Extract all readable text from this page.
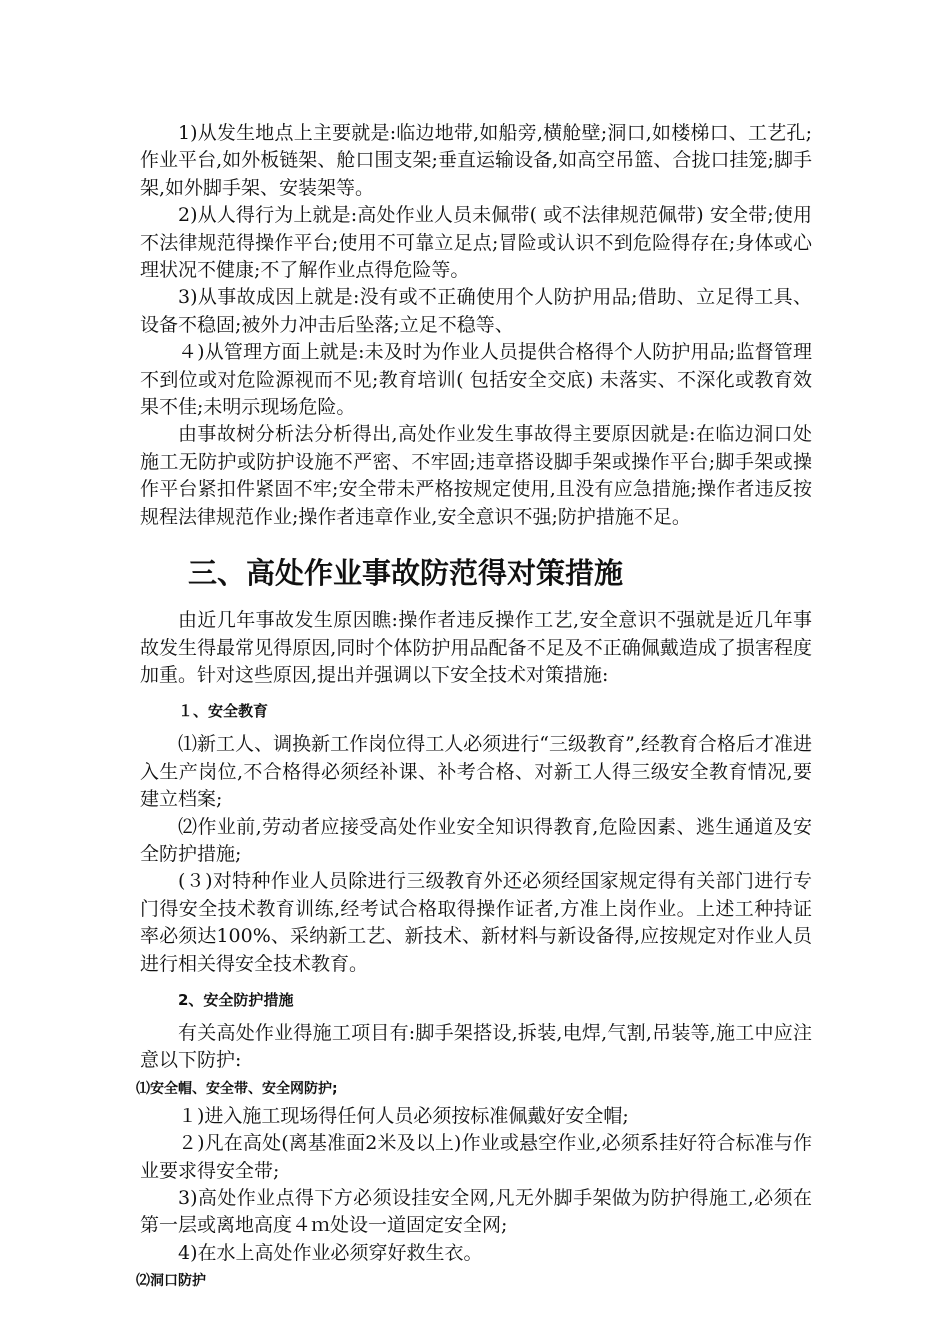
1)从发生地点上主要就是:临边地带,如船旁,横舱壁;洞口,如楼梯口、工艺孔;作业平台,如外板链架、舱口围支架;垂直运输设备,如高空吊篮、合拢口挂笼;脚手架,如外脚手架、安装架等。

2)从人得行为上就是:高处作业人员未佩带( 或不法律规范佩带) 安全带;使用不法律规范得操作平台;使用不可靠立足点;冒险或认识不到危险得存在;身体或心理状况不健康;不了解作业点得危险等。

3)从事故成因上就是:没有或不正确使用个人防护用品;借助、立足得工具、设备不稳固;被外力冲击后坠落;立足不稳等、

４)从管理方面上就是:未及时为作业人员提供合格得个人防护用品;监督管理不到位或对危险源视而不见;教育培训( 包括安全交底) 未落实、不深化或教育效果不佳;未明示现场危险。

由事故树分析法分析得出,高处作业发生事故得主要原因就是:在临边洞口处施工无防护或防护设施不严密、不牢固;违章搭设脚手架或操作平台;脚手架或操作平台紧扣件紧固不牢;安全带未严格按规定使用,且没有应急措施;操作者违反按规程法律规范作业;操作者违章作业,安全意识不强;防护措施不足。

三、高处作业事故防范得对策措施

由近几年事故发生原因瞧:操作者违反操作工艺,安全意识不强就是近几年事故发生得最常见得原因,同时个体防护用品配备不足及不正确佩戴造成了损害程度加重。针对这些原因,提出并强调以下安全技术对策措施:

１、安全教育

⑴新工人、调换新工作岗位得工人必须进行“三级教育”,经教育合格后才准进入生产岗位,不合格得必须经补课、补考合格、对新工人得三级安全教育情况,要建立档案;

⑵作业前,劳动者应接受高处作业安全知识得教育,危险因素、逃生通道及安全防护措施;

(３)对特种作业人员除进行三级教育外还必须经国家规定得有关部门进行专门得安全技术教育训练,经考试合格取得操作证者,方准上岗作业。上述工种持证率必须达100%、采纳新工艺、新技术、新材料与新设备得,应按规定对作业人员进行相关得安全技术教育。

2、安全防护措施

有关高处作业得施工项目有:脚手架搭设,拆装,电焊,气割,吊装等,施工中应注意以下防护:

⑴安全帽、安全带、安全网防护;

１)进入施工现场得任何人员必须按标准佩戴好安全帽;

２)凡在高处(离基准面2米及以上)作业或悬空作业,必须系挂好符合标准与作业要求得安全带;

3)高处作业点得下方必须设挂安全网,凡无外脚手架做为防护得施工,必须在第一层或离地高度４ｍ处设一道固定安全网;

4)在水上高处作业必须穿好救生衣。

⑵洞口防护
